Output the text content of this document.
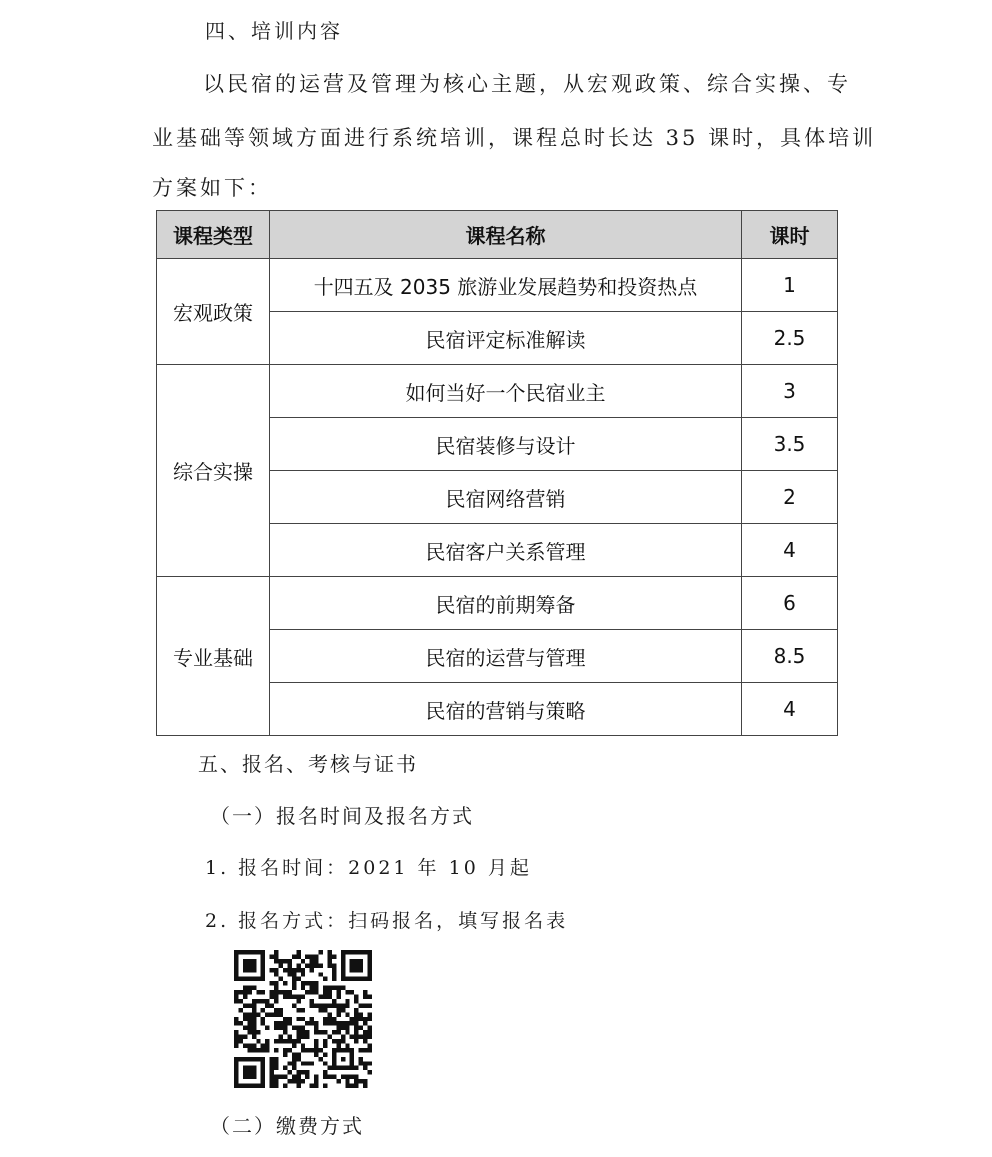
四、培训内容
以民宿的运营及管理为核心主题，从宏观政策、综合实操、专
业基础等领域方面进行系统培训，课程总时长达 35 课时，具体培训
方案如下：
课程类型	课程名称	课时
宏观政策	十四五及 2035 旅游业发展趋势和投资热点	1
	民宿评定标准解读	2.5
综合实操	如何当好一个民宿业主	3
	民宿装修与设计	3.5
	民宿网络营销	2
	民宿客户关系管理	4
专业基础	民宿的前期筹备	6
	民宿的运营与管理	8.5
	民宿的营销与策略	4
五、报名、考核与证书
（一）报名时间及报名方式
1. 报名时间：2021 年 10 月起
2. 报名方式：扫码报名，填写报名表
（二）缴费方式
